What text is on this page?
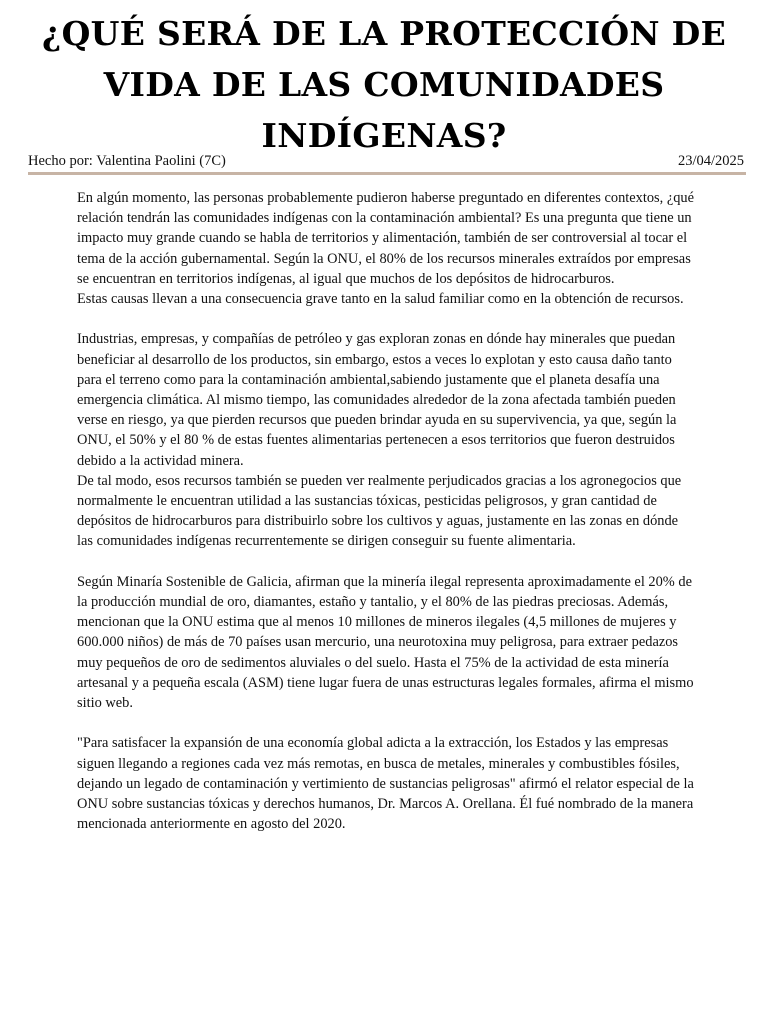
¿QUÉ SERÁ DE LA PROTECCIÓN DE VIDA DE LAS COMUNIDADES INDÍGENAS?
Hecho por: Valentina Paolini (7C)	23/04/2025

En algún momento, las personas probablemente pudieron haberse preguntado en diferentes contextos, ¿qué relación tendrán las comunidades indígenas con la contaminación ambiental? Es una pregunta que tiene un impacto muy grande cuando se habla de territorios y alimentación, también de ser controversial al tocar el tema de la acción gubernamental. Según la ONU, el 80% de los recursos minerales extraídos por empresas se encuentran en territorios indígenas, al igual que muchos de los depósitos de hidrocarburos.

Estas causas llevan a una consecuencia grave tanto en la salud familiar como en la obtención de recursos.

Industrias, empresas, y compañías de petróleo y gas exploran zonas en dónde hay minerales que puedan beneficiar al desarrollo de los productos, sin embargo, estos a veces lo explotan y esto causa daño tanto para el terreno como para la contaminación ambiental,sabiendo justamente que el planeta desafía una emergencia climática. Al mismo tiempo, las comunidades alrededor de la zona afectada también pueden verse en riesgo, ya que pierden recursos que pueden brindar ayuda en su supervivencia, ya que, según la ONU, el 50% y el 80 % de estas fuentes alimentarias pertenecen a esos territorios que fueron destruidos debido a la actividad minera.

De tal modo, esos recursos también se pueden ver realmente perjudicados gracias a los agronegocios que normalmente le encuentran utilidad a las sustancias tóxicas, pesticidas peligrosos, y gran cantidad de depósitos de hidrocarburos para distribuirlo sobre los cultivos y aguas, justamente en las zonas en dónde las comunidades indígenas recurrentemente se dirigen conseguir su fuente alimentaria.

Según Minaría Sostenible de Galicia, afirman que la minería ilegal representa aproximadamente el 20% de la producción mundial de oro, diamantes, estaño y tantalio, y el 80% de las piedras preciosas. Además, mencionan que la ONU estima que al menos 10 millones de mineros ilegales (4,5 millones de mujeres y 600.000 niños) de más de 70 países usan mercurio, una neurotoxina muy peligrosa, para extraer pedazos muy pequeños de oro de sedimentos aluviales o del suelo. Hasta el 75% de la actividad de esta minería artesanal y a pequeña escala (ASM) tiene lugar fuera de unas estructuras legales formales, afirma el mismo sitio web.

"Para satisfacer la expansión de una economía global adicta a la extracción, los Estados y las empresas siguen llegando a regiones cada vez más remotas, en busca de metales, minerales y combustibles fósiles, dejando un legado de contaminación y vertimiento de sustancias peligrosas" afirmó el relator especial de la ONU sobre sustancias tóxicas y derechos humanos, Dr. Marcos A. Orellana. Él fué nombrado de la manera mencionada anteriormente en agosto del 2020.
